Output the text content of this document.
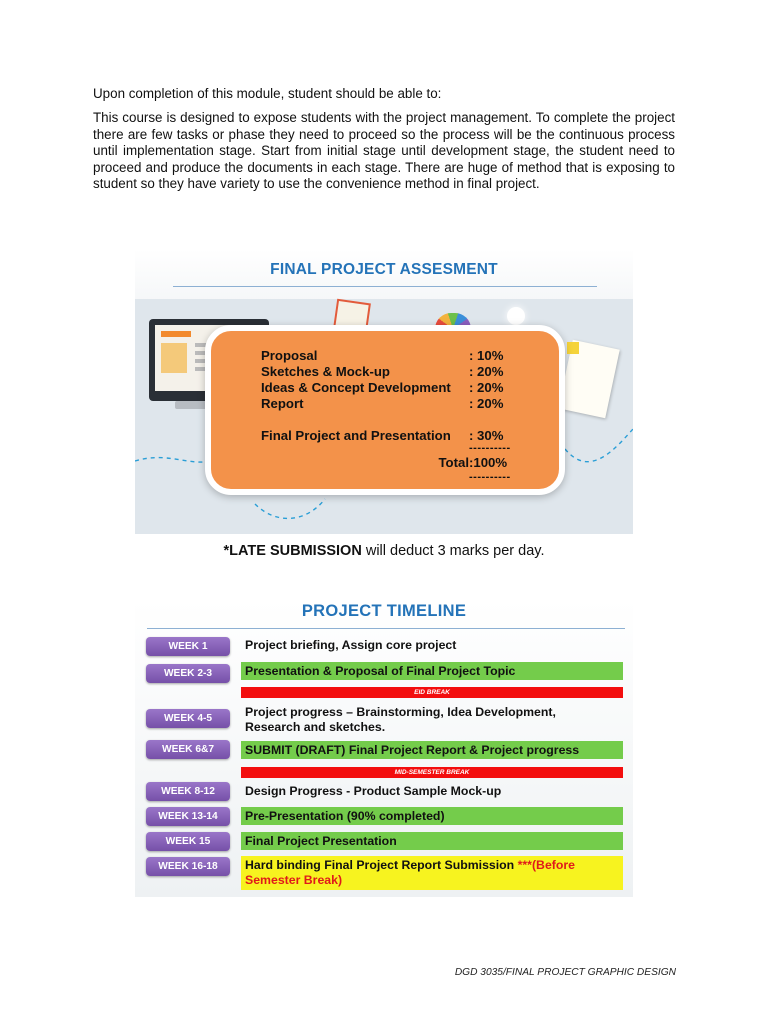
Upon completion of this module, student should be able to:

This course is designed to expose students with the project management. To complete the project there are few tasks or phase they need to proceed so the process will be the continuous process until implementation stage. Start from initial stage until development stage, the student need to proceed and produce the documents in each stage. There are huge of method that is exposing to student so they have variety to use the convenience method in final project.

FINAL PROJECT ASSESMENT
Proposal	: 10%
Sketches & Mock-up	: 20%
Ideas & Concept Development : 20%
Report	: 20%
Final Project and Presentation : 30%
----------
Total:100%
----------
*LATE SUBMISSION will deduct 3 marks per day.
PROJECT TIMELINE
WEEK 1	Project briefing, Assign core project
WEEK 2-3	Presentation & Proposal of Final Project Topic
EID BREAK
WEEK 4-5	Project progress – Brainstorming, Idea Development,
Research and sketches.
WEEK 6&7	SUBMIT (DRAFT) Final Project Report & Project progress
MID-SEMESTER BREAK
WEEK 8-12	Design Progress - Product Sample Mock-up
WEEK 13-14	Pre-Presentation (90% completed)
WEEK 15	Final Project Presentation
WEEK 16-18	Hard binding Final Project Report Submission ***(Before
Semester Break)
DGD 3035/FINAL PROJECT GRAPHIC DESIGN
